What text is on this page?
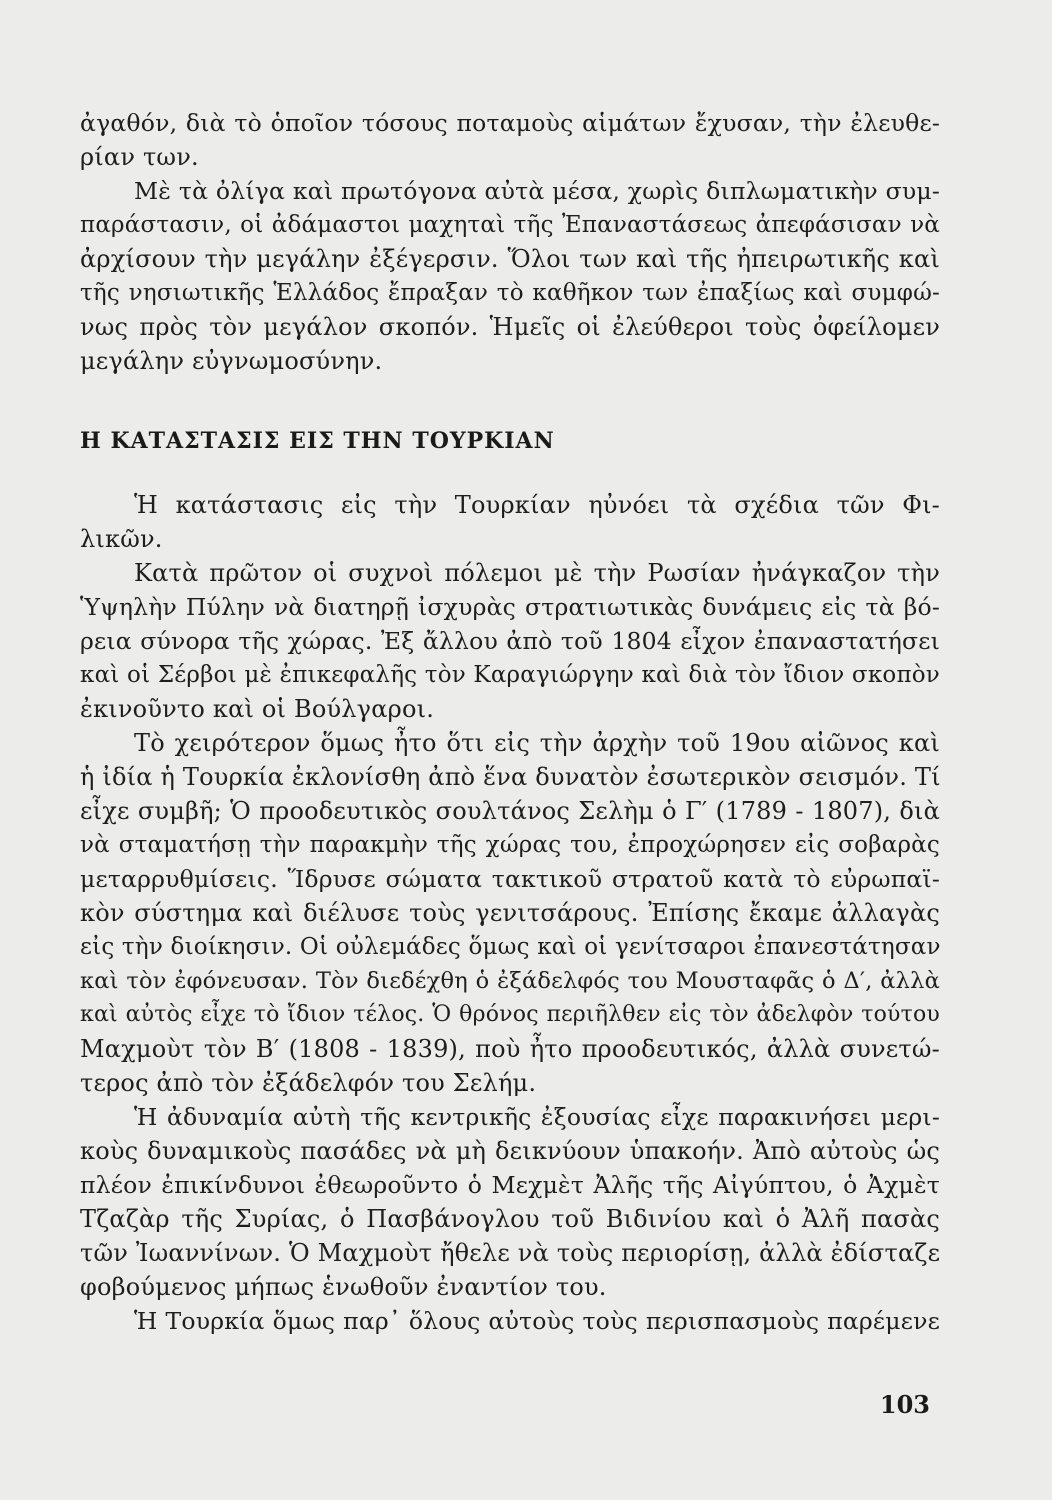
ἀγαθόν, διὰ τὸ ὁποῖον τόσους ποταμοὺς αἱμάτων ἔχυσαν, τὴν ἐλευθε-
ρίαν των.
Μὲ τὰ ὀλίγα καὶ πρωτόγονα αὐτὰ μέσα, χωρὶς διπλωματικὴν συμ-
παράστασιν, οἱ ἀδάμαστοι μαχηταὶ τῆς Ἐπαναστάσεως ἀπεφάσισαν νὰ
ἀρχίσουν τὴν μεγάλην ἐξέγερσιν. Ὅλοι των καὶ τῆς ἠπειρωτικῆς καὶ
τῆς νησιωτικῆς Ἑλλάδος ἔπραξαν τὸ καθῆκον των ἐπαξίως καὶ συμφώ-
νως πρὸς τὸν μεγάλον σκοπόν. Ἡμεῖς οἱ ἐλεύθεροι τοὺς ὀφείλομεν
μεγάλην εὐγνωμοσύνην.
Η ΚΑΤΑΣΤΑΣΙΣ ΕΙΣ ΤΗΝ ΤΟΥΡΚΙΑΝ
Ἡ κατάστασις εἰς τὴν Τουρκίαν ηὐνόει τὰ σχέδια τῶν Φι-
λικῶν.
Κατὰ πρῶτον οἱ συχνοὶ πόλεμοι μὲ τὴν Ρωσίαν ἠνάγκαζον τὴν
Ὑψηλὴν Πύλην νὰ διατηρῇ ἰσχυρὰς στρατιωτικὰς δυνάμεις εἰς τὰ βό-
ρεια σύνορα τῆς χώρας. Ἐξ ἄλλου ἀπὸ τοῦ 1804 εἶχον ἐπαναστατήσει
καὶ οἱ Σέρβοι μὲ ἐπικεφαλῆς τὸν Καραγιώργην καὶ διὰ τὸν ἴδιον σκοπὸν
ἐκινοῦντο καὶ οἱ Βούλγαροι.
Τὸ χειρότερον ὅμως ἦτο ὅτι εἰς τὴν ἀρχὴν τοῦ 19ου αἰῶνος καὶ
ἡ ἰδία ἡ Τουρκία ἐκλονίσθη ἀπὸ ἕνα δυνατὸν ἐσωτερικὸν σεισμόν. Τί
εἶχε συμβῆ; Ὁ προοδευτικὸς σουλτάνος Σελὴμ ὁ Γ′ (1789 - 1807), διὰ
νὰ σταματήσῃ τὴν παρακμὴν τῆς χώρας του, ἐπροχώρησεν εἰς σοβαρὰς
μεταρρυθμίσεις. Ἵδρυσε σώματα τακτικοῦ στρατοῦ κατὰ τὸ εὐρωπαϊ-
κὸν σύστημα καὶ διέλυσε τοὺς γενιτσάρους. Ἐπίσης ἔκαμε ἀλλαγὰς
εἰς τὴν διοίκησιν. Οἱ οὐλεμάδες ὅμως καὶ οἱ γενίτσαροι ἐπανεστάτησαν
καὶ τὸν ἐφόνευσαν. Τὸν διεδέχθη ὁ ἐξάδελφός του Μουσταφᾶς ὁ Δ′, ἀλλὰ
καὶ αὐτὸς εἶχε τὸ ἴδιον τέλος. Ὁ θρόνος περιῆλθεν εἰς τὸν ἀδελφὸν τούτου
Μαχμοὺτ τὸν Β′ (1808 - 1839), ποὺ ἦτο προοδευτικός, ἀλλὰ συνετώ-
τερος ἀπὸ τὸν ἐξάδελφόν του Σελήμ.
Ἡ ἀδυναμία αὐτὴ τῆς κεντρικῆς ἐξουσίας εἶχε παρακινήσει μερι-
κοὺς δυναμικοὺς πασάδες νὰ μὴ δεικνύουν ὑπακοήν. Ἀπὸ αὐτοὺς ὡς
πλέον ἐπικίνδυνοι ἐθεωροῦντο ὁ Μεχμὲτ Ἀλῆς τῆς Αἰγύπτου, ὁ Ἀχμὲτ
Τζαζὰρ τῆς Συρίας, ὁ Πασβάνογλου τοῦ Βιδινίου καὶ ὁ Ἀλῆ πασὰς
τῶν Ἰωαννίνων. Ὁ Μαχμοὺτ ἤθελε νὰ τοὺς περιορίσῃ, ἀλλὰ ἐδίσταζε
φοβούμενος μήπως ἑνωθοῦν ἐναντίον του.
Ἡ Τουρκία ὅμως παρ᾿ ὅλους αὐτοὺς τοὺς περισπασμοὺς παρέμενε
103
